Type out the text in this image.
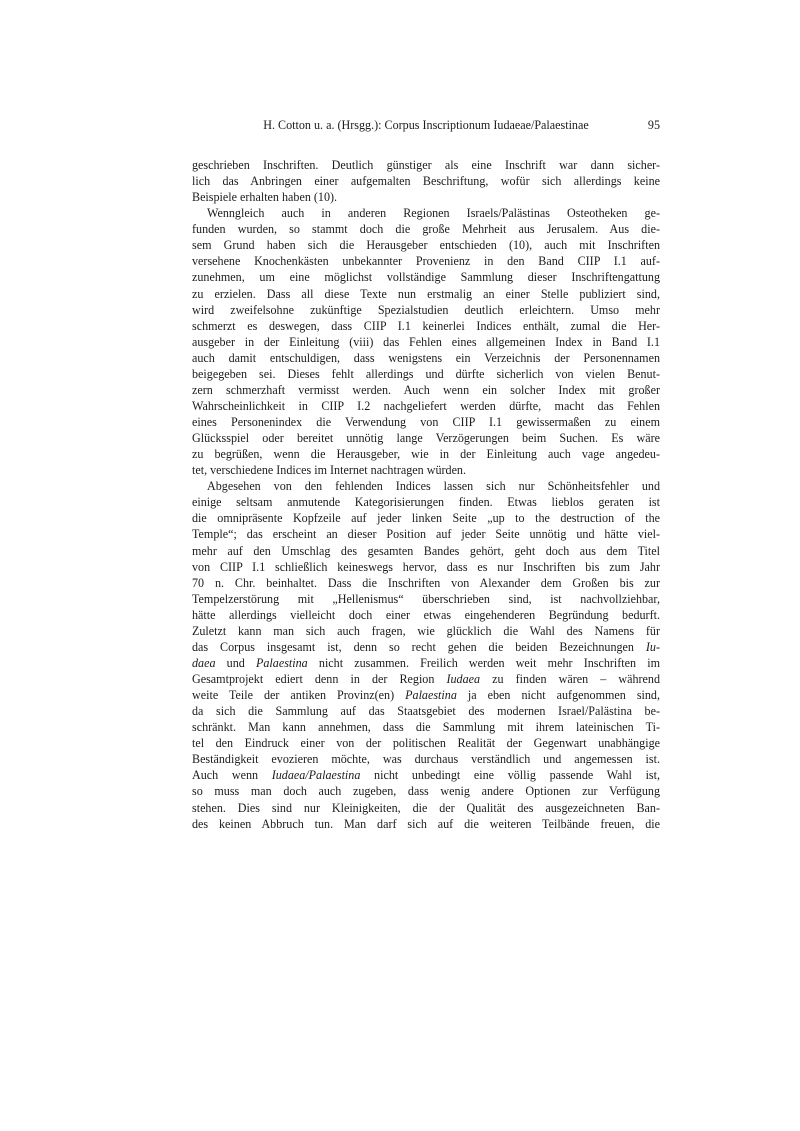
H. Cotton u. a. (Hrsgg.): Corpus Inscriptionum Iudaeae/Palaestinae	95
geschrieben Inschriften. Deutlich günstiger als eine Inschrift war dann sicher-
lich das Anbringen einer aufgemalten Beschriftung, wofür sich allerdings keine
Beispiele erhalten haben (10).
Wenngleich auch in anderen Regionen Israels/Palästinas Osteotheken ge-
funden wurden, so stammt doch die große Mehrheit aus Jerusalem. Aus die-
sem Grund haben sich die Herausgeber entschieden (10), auch mit Inschriften
versehene Knochenkästen unbekannter Provenienz in den Band CIIP I.1 auf-
zunehmen, um eine möglichst vollständige Sammlung dieser Inschriftengattung
zu erzielen. Dass all diese Texte nun erstmalig an einer Stelle publiziert sind,
wird zweifelsohne zukünftige Spezialstudien deutlich erleichtern. Umso mehr
schmerzt es deswegen, dass CIIP I.1 keinerlei Indices enthält, zumal die Her-
ausgeber in der Einleitung (viii) das Fehlen eines allgemeinen Index in Band I.1
auch damit entschuldigen, dass wenigstens ein Verzeichnis der Personennamen
beigegeben sei. Dieses fehlt allerdings und dürfte sicherlich von vielen Benut-
zern schmerzhaft vermisst werden. Auch wenn ein solcher Index mit großer
Wahrscheinlichkeit in CIIP I.2 nachgeliefert werden dürfte, macht das Fehlen
eines Personenindex die Verwendung von CIIP I.1 gewissermaßen zu einem
Glücksspiel oder bereitet unnötig lange Verzögerungen beim Suchen. Es wäre
zu begrüßen, wenn die Herausgeber, wie in der Einleitung auch vage angedeu-
tet, verschiedene Indices im Internet nachtragen würden.
Abgesehen von den fehlenden Indices lassen sich nur Schönheitsfehler und
einige seltsam anmutende Kategorisierungen finden. Etwas lieblos geraten ist
die omnipräsente Kopfzeile auf jeder linken Seite „up to the destruction of the
Temple“; das erscheint an dieser Position auf jeder Seite unnötig und hätte viel-
mehr auf den Umschlag des gesamten Bandes gehört, geht doch aus dem Titel
von CIIP I.1 schließlich keineswegs hervor, dass es nur Inschriften bis zum Jahr
70 n. Chr. beinhaltet. Dass die Inschriften von Alexander dem Großen bis zur
Tempelzerstörung mit „Hellenismus“ überschrieben sind, ist nachvollziehbar,
hätte allerdings vielleicht doch einer etwas eingehenderen Begründung bedurft.
Zuletzt kann man sich auch fragen, wie glücklich die Wahl des Namens für
das Corpus insgesamt ist, denn so recht gehen die beiden Bezeichnungen Iu-
daea und Palaestina nicht zusammen. Freilich werden weit mehr Inschriften im
Gesamtprojekt ediert denn in der Region Iudaea zu finden wären – während
weite Teile der antiken Provinz(en) Palaestina ja eben nicht aufgenommen sind,
da sich die Sammlung auf das Staatsgebiet des modernen Israel/Palästina be-
schränkt. Man kann annehmen, dass die Sammlung mit ihrem lateinischen Ti-
tel den Eindruck einer von der politischen Realität der Gegenwart unabhängige
Beständigkeit evozieren möchte, was durchaus verständlich und angemessen ist.
Auch wenn Iudaea/Palaestina nicht unbedingt eine völlig passende Wahl ist,
so muss man doch auch zugeben, dass wenig andere Optionen zur Verfügung
stehen. Dies sind nur Kleinigkeiten, die der Qualität des ausgezeichneten Ban-
des keinen Abbruch tun. Man darf sich auf die weiteren Teilbände freuen, die
